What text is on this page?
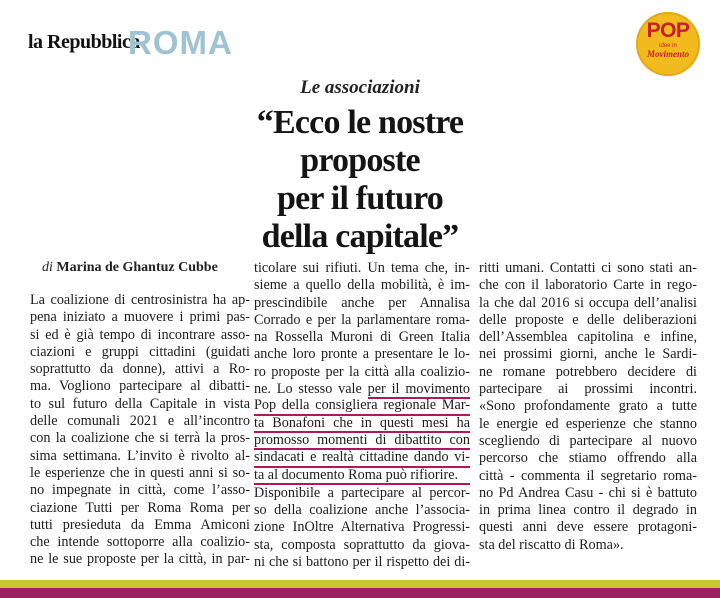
la Repubblica
ROMA	POP
idee in
Movimento
Le associazioni
“Ecco le nostre
proposte
per il futuro
della capitale”
di Marina de Ghantuz Cubbe
La coalizione di centrosinistra ha ap-
pena iniziato a muovere i primi pas-
si ed è già tempo di incontrare asso-
ciazioni e gruppi cittadini (guidati
soprattutto da donne), attivi a Ro-
ma. Vogliono partecipare al dibatti-
to sul futuro della Capitale in vista
delle comunali 2021 e all’incontro
con la coalizione che si terrà la pros-
sima settimana. L’invito è rivolto al-
le esperienze che in questi anni si so-
no impegnate in città, come l’asso-
ciazione Tutti per Roma Roma per
tutti presieduta da Emma Amiconi
che intende sottoporre alla coalizio-
ne le sue proposte per la città, in par-
ticolare sui rifiuti. Un tema che, in-
sieme a quello della mobilità, è im-
prescindibile anche per Annalisa
Corrado e per la parlamentare roma-
na Rossella Muroni di Green Italia
anche loro pronte a presentare le lo-
ro proposte per la città alla coalizio-
ne. Lo stesso vale per il movimento
Pop della consigliera regionale Mar-
ta Bonafoni che in questi mesi ha
promosso momenti di dibattito con
sindacati e realtà cittadine dando vi-
ta al documento Roma può rifiorire.
Disponibile a partecipare al percor-
so della coalizione anche l’associa-
zione InOltre Alternativa Progressi-
sta, composta soprattutto da giova-
ni che si battono per il rispetto dei di-
ritti umani. Contatti ci sono stati an-
che con il laboratorio Carte in rego-
la che dal 2016 si occupa dell’analisi
delle proposte e delle deliberazioni
dell’Assemblea capitolina e infine,
nei prossimi giorni, anche le Sardi-
ne romane potrebbero decidere di
partecipare ai prossimi incontri.
«Sono profondamente grato a tutte
le energie ed esperienze che stanno
scegliendo di partecipare al nuovo
percorso che stiamo offrendo alla
città - commenta il segretario roma-
no Pd Andrea Casu - chi si è battuto
in prima linea contro il degrado in
questi anni deve essere protagoni-
sta del riscatto di Roma».
